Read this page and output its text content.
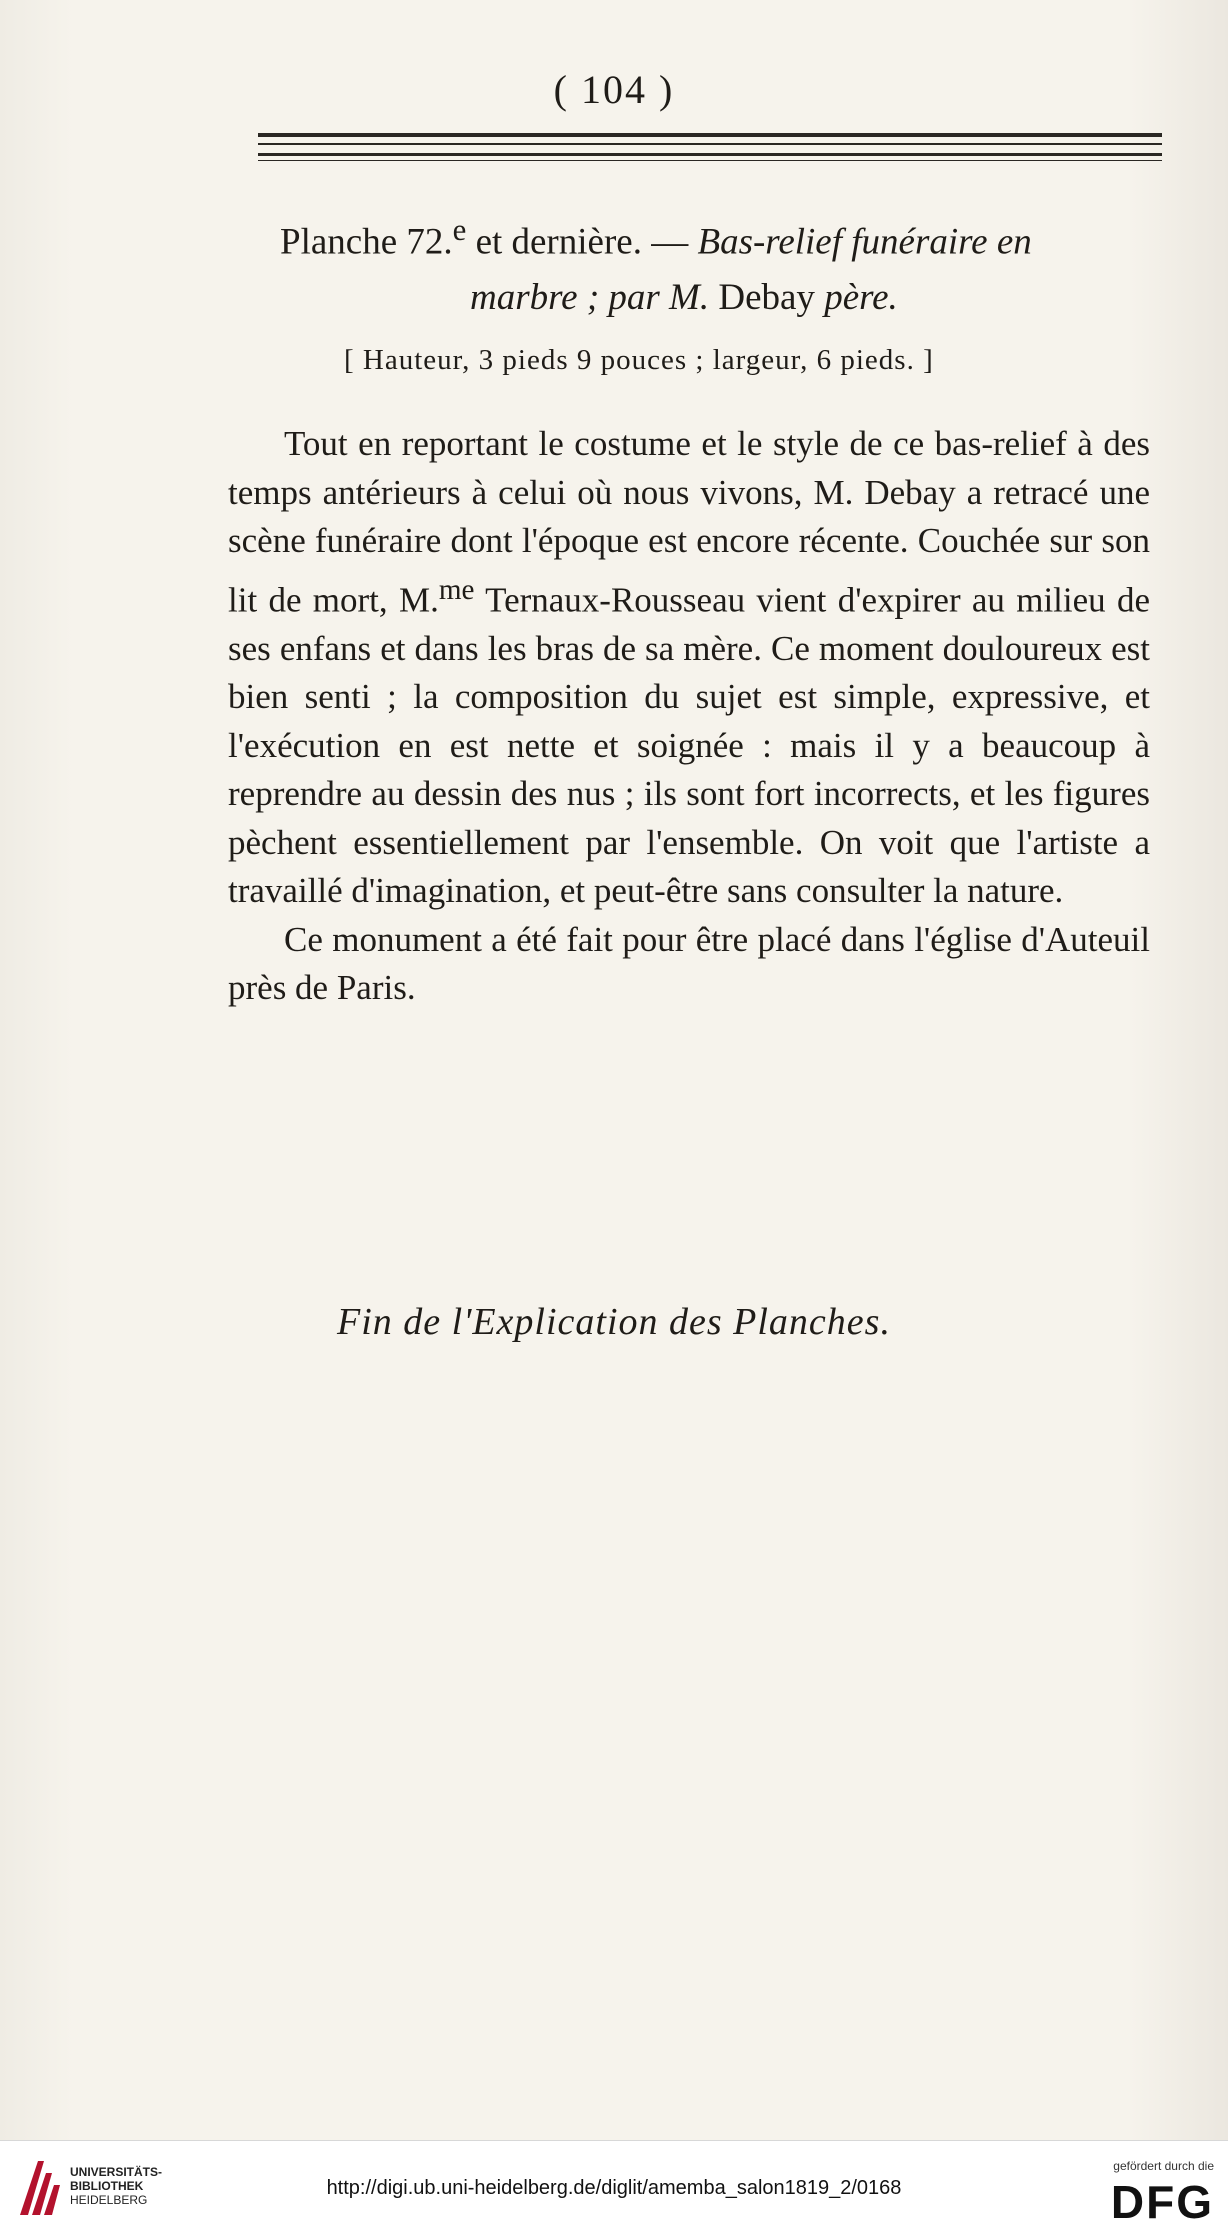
( 104 )
Planche 72.$^e$ et dernière. — Bas-relief funéraire en
marbre ; par M. Debay père.
[ Hauteur, 3 pieds 9 pouces ; largeur, 6 pieds. ]

Tout en reportant le costume et le style de ce bas-relief à des temps antérieurs à celui où nous vivons, M. Debay a retracé une scène funéraire dont l'époque est encore récente. Couchée sur son lit de mort, M.$^{me}$ Ternaux-Rousseau vient d'expirer au milieu de ses enfans et dans les bras de sa mère. Ce moment douloureux est bien senti ; la composition du sujet est simple, expressive, et l'exécution en est nette et soignée : mais il y a beaucoup à reprendre au dessin des nus ; ils sont fort incorrects, et les figures pèchent essentiellement par l'ensemble. On voit que l'artiste a travaillé d'imagination, et peut-être sans consulter la nature.

Ce monument a été fait pour être placé dans l'église d'Auteuil près de Paris.

Fin de l'Explication des Planches.
UNIVERSITÄTS-
BIBLIOTHEK
HEIDELBERG
http://digi.ub.uni-heidelberg.de/diglit/amemba_salon1819_2/0168
gefördert durch die
DFG
